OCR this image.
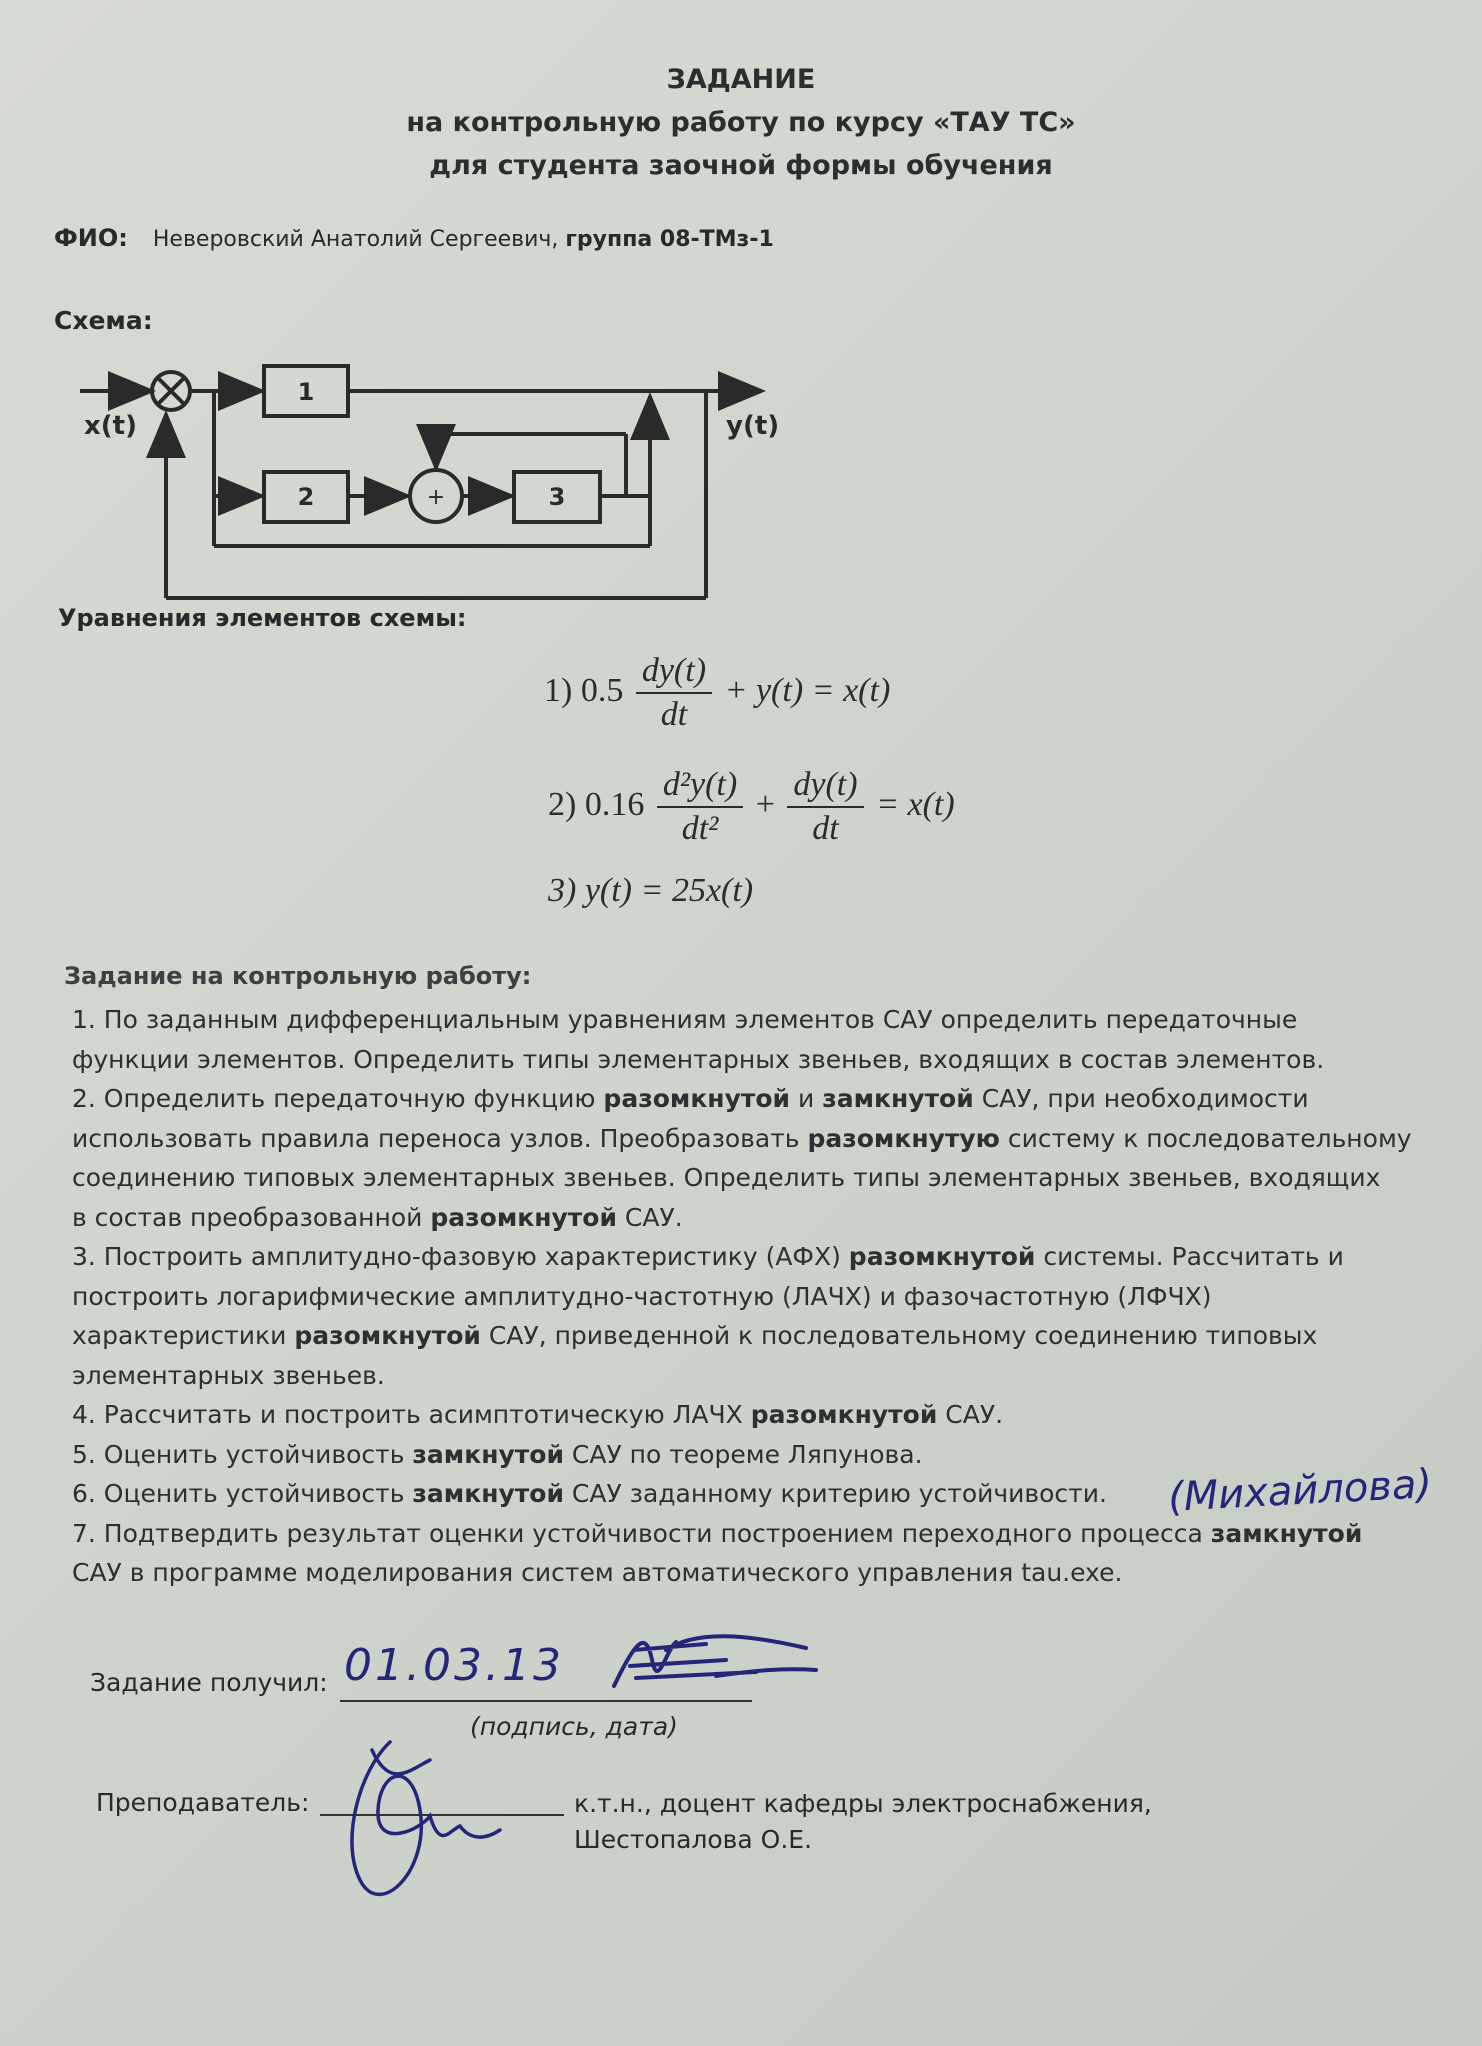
ЗАДАНИЕ
на контрольную работу по курсу «ТАУ ТС»
для студента заочной формы обучения
ФИО: Неверовский Анатолий Сергеевич, группа 08-ТМз-1
Схема:
1
2	3
+
x(t)	y(t)
Уравнения элементов схемы:
1) $0.5 \frac{dy(t)}{dt} + y(t) = x(t)$
2) $0.16 \frac{\text{d²y(t)}}{\text{dt²}} + \frac{dy(t)}{dt} = x(t)$
3) y(t) = 25x(t)
Задание на контрольную работу:

1. По заданным дифференциальным уравнениям элементов САУ определить передаточные

функции элементов. Определить типы элементарных звеньев, входящих в состав элементов.

2. Определить передаточную функцию разомкнутой и замкнутой САУ, при необходимости

использовать правила переноса узлов. Преобразовать разомкнутую систему к последовательному

соединению типовых элементарных звеньев. Определить типы элементарных звеньев, входящих

в состав преобразованной разомкнутой САУ.

3. Построить амплитудно-фазовую характеристику (АФХ) разомкнутой системы. Рассчитать и

построить логарифмические амплитудно-частотную (ЛАЧХ) и фазочастотную (ЛФЧХ)

характеристики разомкнутой САУ, приведенной к последовательному соединению типовых

элементарных звеньев.

4. Рассчитать и построить асимптотическую ЛАЧХ разомкнутой САУ.

5. Оценить устойчивость замкнутой САУ по теореме Ляпунова.

6. Оценить устойчивость замкнутой САУ заданному критерию устойчивости.

7. Подтвердить результат оценки устойчивости построением переходного процесса замкнутой

САУ в программе моделирования систем автоматического управления tau.exe.

(Михайлова)
Задание получил: 01.03.13
(подпись, дата)
Преподаватель:	к.т.н., доцент кафедры электроснабжения,
Шестопалова О.Е.
